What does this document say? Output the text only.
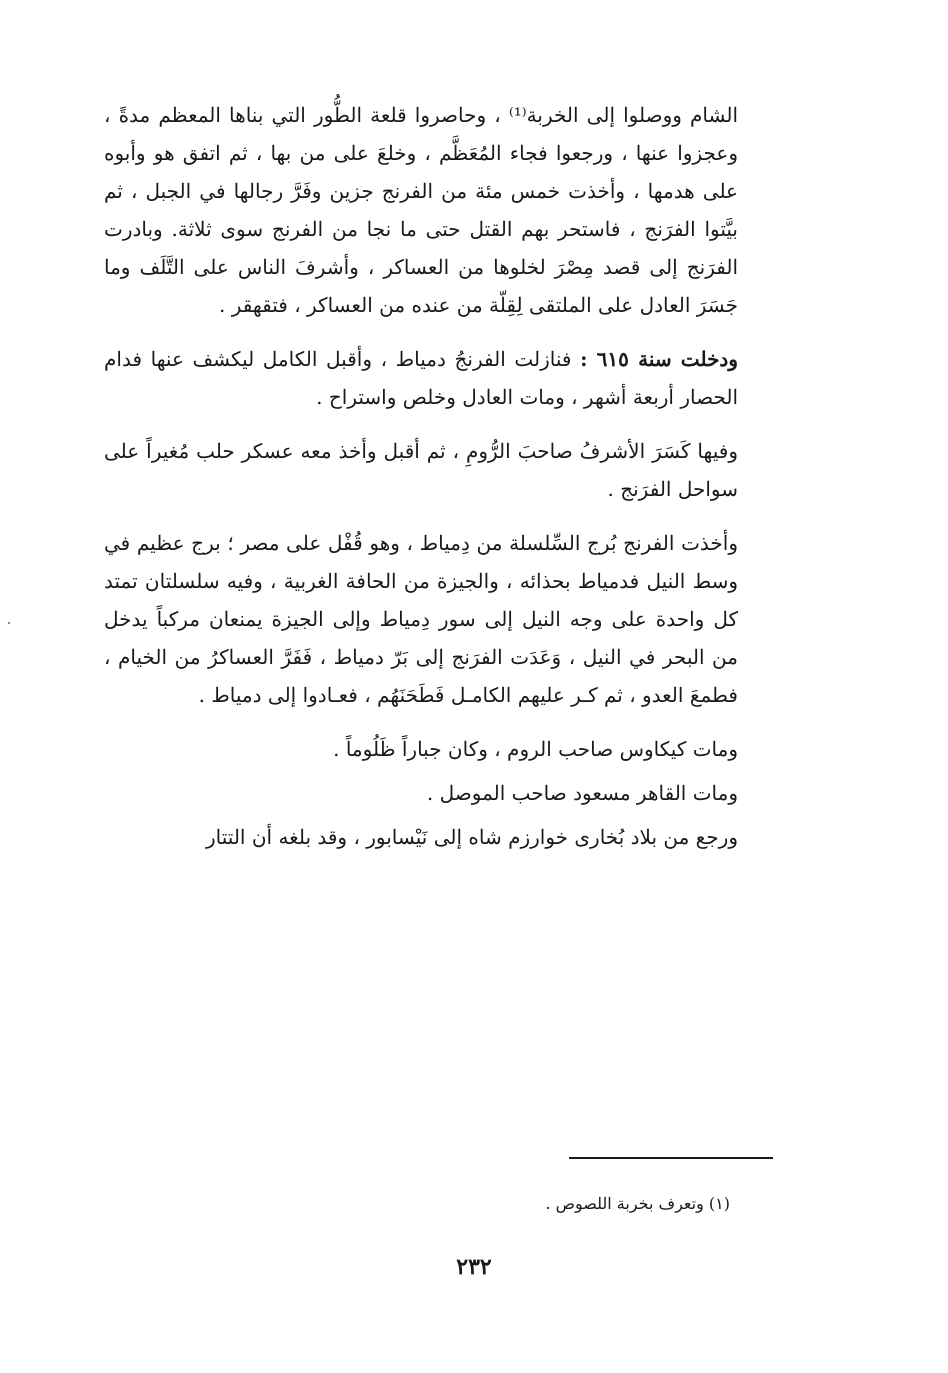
الشام ووصلوا إلى الخربة⁽¹⁾ ، وحاصروا قلعة الطُّور التي بناها المعظم مدةً ، وعجزوا عنها ، ورجعوا فجاء المُعَظَّم ، وخلعَ على من بها ، ثم اتفق هو وأبوه على هدمها ، وأخذت خمس مئة من الفرنج جزين وفَرَّ رجالها في الجبل ، ثم بيَّتوا الفرَنج ، فاستحر بهم القتل حتى ما نجا من الفرنج سوى ثلاثة. وبادرت الفرَنج إلى قصد مِصْرَ لخلوها من العساكر ، وأشرفَ الناس على التَّلَف وما جَسَرَ العادل على الملتقى لِقِلّة من عنده من العساكر ، فتقهقر .

ودخلت سنة ٦١٥ : فنازلت الفرنجُ دمياط ، وأقبل الكامل ليكشف عنها فدام الحصار أربعة أشهر ، ومات العادل وخلص واستراح .

وفيها كَسَرَ الأشرفُ صاحبَ الرُّومِ ، ثم أقبل وأخذ معه عسكر حلب مُغيراً على سواحل الفرَنج .

وأخذت الفرنج بُرج السِّلسلة من دِمياط ، وهو قُفْل على مصر ؛ برج عظيم في وسط النيل فدمياط بحذائه ، والجيزة من الحافة الغربية ، وفيه سلسلتان تمتد كل واحدة على وجه النيل إلى سور دِمياط وإلى الجيزة يمنعان مركباً يدخل من البحر في النيل ، وَعَدَت الفرَنج إلى بَرّ دمياط ، فَفَرَّ العساكرُ من الخيام ، فطمعَ العدو ، ثم كـر عليهم الكامـل فَطَحَنَهُم ، فعـادوا إلى دمياط .

ومات كيكاوس صاحب الروم ، وكان جباراً ظَلُوماً .

ومات القاهر مسعود صاحب الموصل .

ورجع من بلاد بُخارى خوارزم شاه إلى نَيْسابور ، وقد بلغه أن التتار

(١) وتعرف بخربة اللصوص .
٢٣٢
